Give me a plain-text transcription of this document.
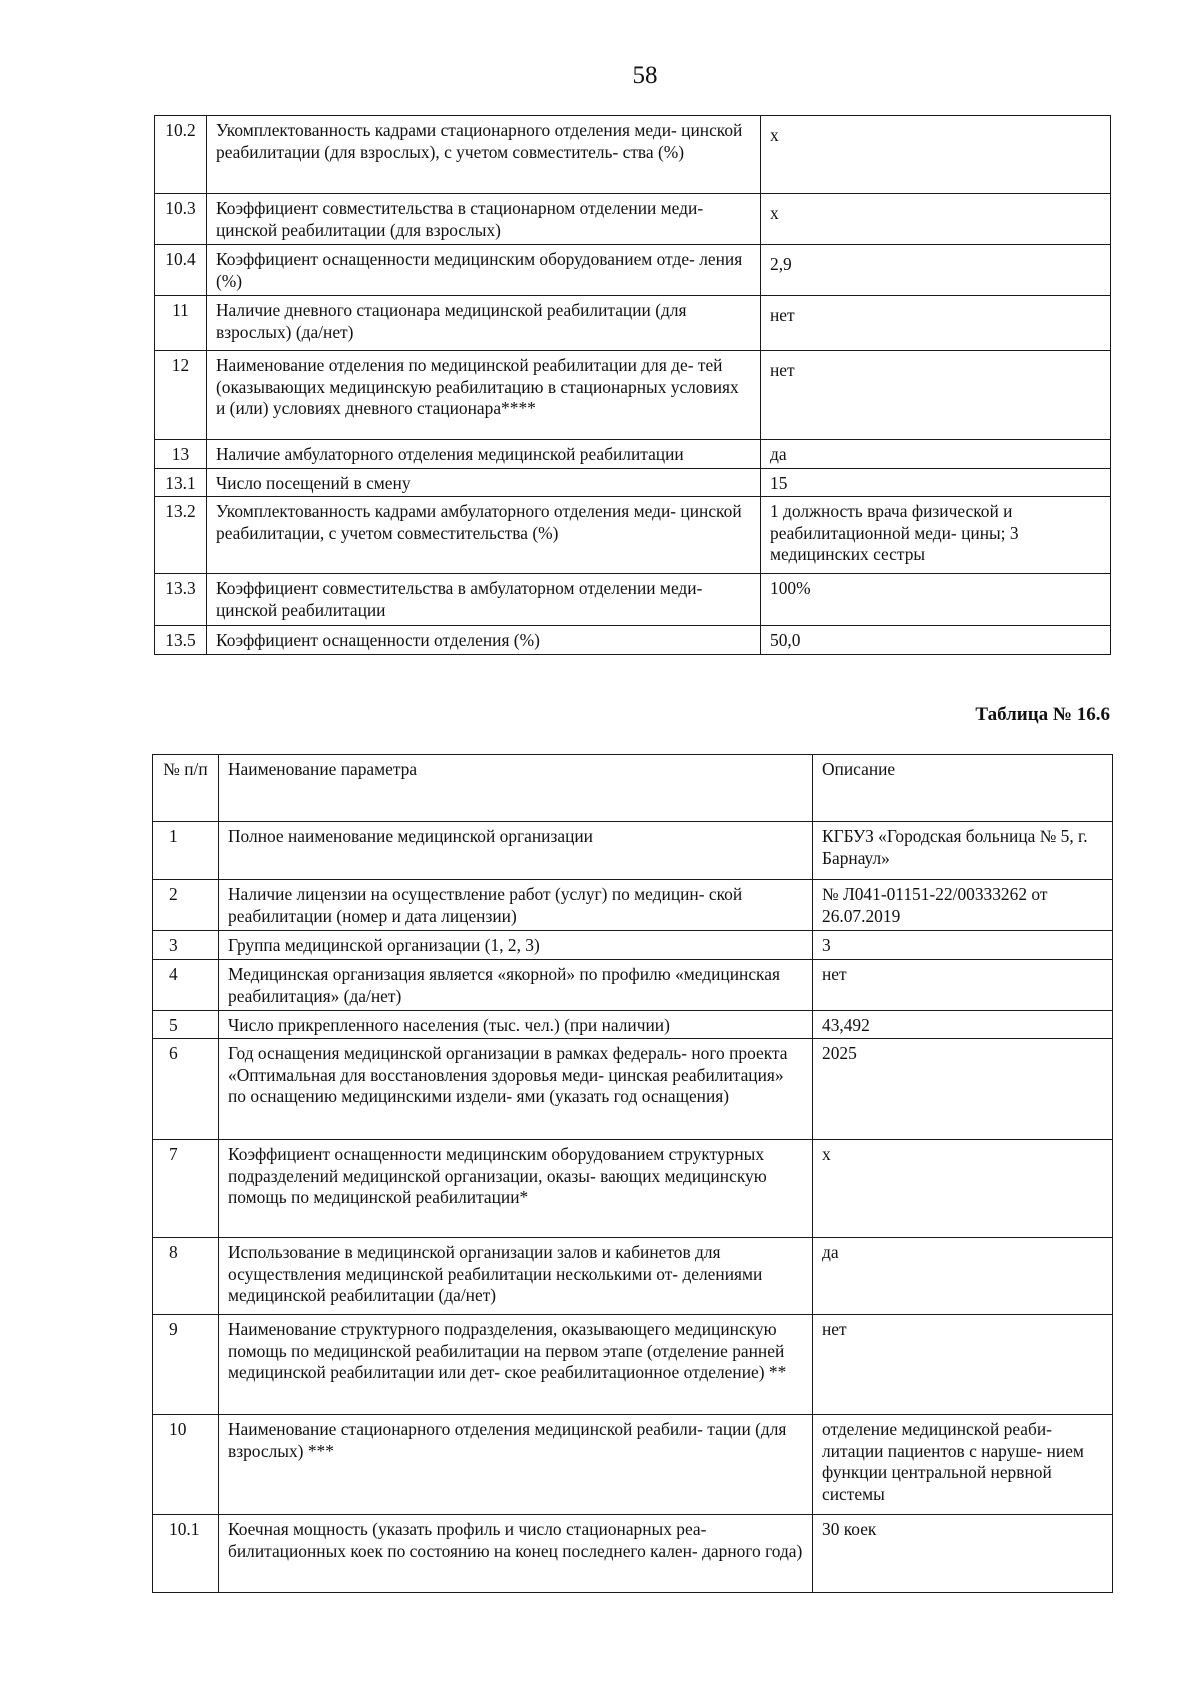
58
10.2	Укомплектованность кадрами стационарного отделения меди- цинской реабилитации (для взрослых), с учетом совместитель- ства (%)	х
10.3	Коэффициент совместительства в стационарном отделении меди- цинской реабилитации (для взрослых)	х
10.4	Коэффициент оснащенности медицинским оборудованием отде- ления (%)	2,9
11	Наличие дневного стационара медицинской реабилитации (для взрослых) (да/нет)	нет
12	Наименование отделения по медицинской реабилитации для де- тей (оказывающих медицинскую реабилитацию в стационарных условиях и (или) условиях дневного стационара****	нет
13	Наличие амбулаторного отделения медицинской реабилитации	да
13.1	Число посещений в смену	15
13.2	Укомплектованность кадрами амбулаторного отделения меди- цинской реабилитации, с учетом совместительства (%)	1 должность врача физической и реабилитационной меди- цины; 3 медицинских сестры
13.3	Коэффициент совместительства в амбулаторном отделении меди- цинской реабилитации	100%
13.5	Коэффициент оснащенности отделения (%)	50,0
Таблица № 16.6
№ п/п	Наименование параметра	Описание
1	Полное наименование медицинской организации	КГБУЗ «Городская больница № 5, г. Барнаул»
2	Наличие лицензии на осуществление работ (услуг) по медицин- ской реабилитации (номер и дата лицензии)	№ Л041-01151-22/00333262 от 26.07.2019
3	Группа медицинской организации (1, 2, 3)	3
4	Медицинская организация является «якорной» по профилю «медицинская реабилитация» (да/нет)	нет
5	Число прикрепленного населения (тыс. чел.) (при наличии)	43,492
6	Год оснащения медицинской организации в рамках федераль- ного проекта «Оптимальная для восстановления здоровья меди- цинская реабилитация» по оснащению медицинскими издели- ями (указать год оснащения)	2025
7	Коэффициент оснащенности медицинским оборудованием структурных подразделений медицинской организации, оказы- вающих медицинскую помощь по медицинской реабилитации*	х
8	Использование в медицинской организации залов и кабинетов для осуществления медицинской реабилитации несколькими от- делениями медицинской реабилитации (да/нет)	да
9	Наименование структурного подразделения, оказывающего медицинскую помощь по медицинской реабилитации на первом этапе (отделение ранней медицинской реабилитации или дет- ское реабилитационное отделение) **	нет
10	Наименование стационарного отделения медицинской реабили- тации (для взрослых) ***	отделение медицинской реаби- литации пациентов с наруше- нием функции центральной нервной системы
10.1	Коечная мощность (указать профиль и число стационарных реа- билитационных коек по состоянию на конец последнего кален- дарного года)	30 коек
